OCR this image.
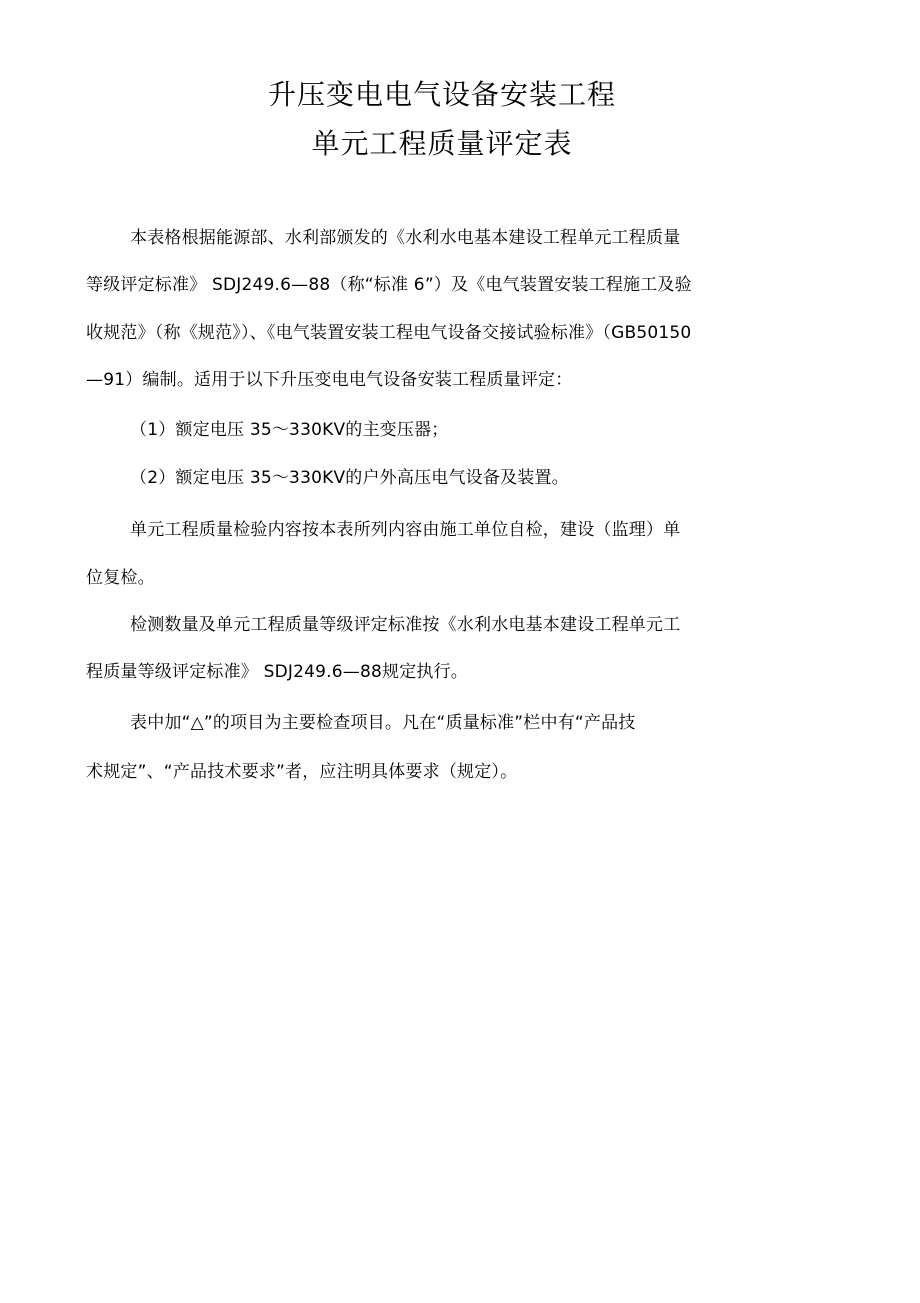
升压变电电气设备安装工程
单元工程质量评定表
本表格根据能源部、水利部颁发的《水利水电基本建设工程单元工程质量
等级评定标准》 SDJ249.6—88（称“标准 6”）及《电气装置安装工程施工及验
收规范》（称《规范》）、《电气装置安装工程电气设备交接试验标准》（GB50150
—91）编制。适用于以下升压变电电气设备安装工程质量评定：
（1）额定电压 35～330KV的主变压器；
（2）额定电压 35～330KV的户外高压电气设备及装置。
单元工程质量检验内容按本表所列内容由施工单位自检，建设（监理）单
位复检。
检测数量及单元工程质量等级评定标准按《水利水电基本建设工程单元工
程质量等级评定标准》 SDJ249.6—88规定执行。
表中加“△”的项目为主要检查项目。凡在“质量标准”栏中有“产品技
术规定”、“产品技术要求”者，应注明具体要求（规定）。
